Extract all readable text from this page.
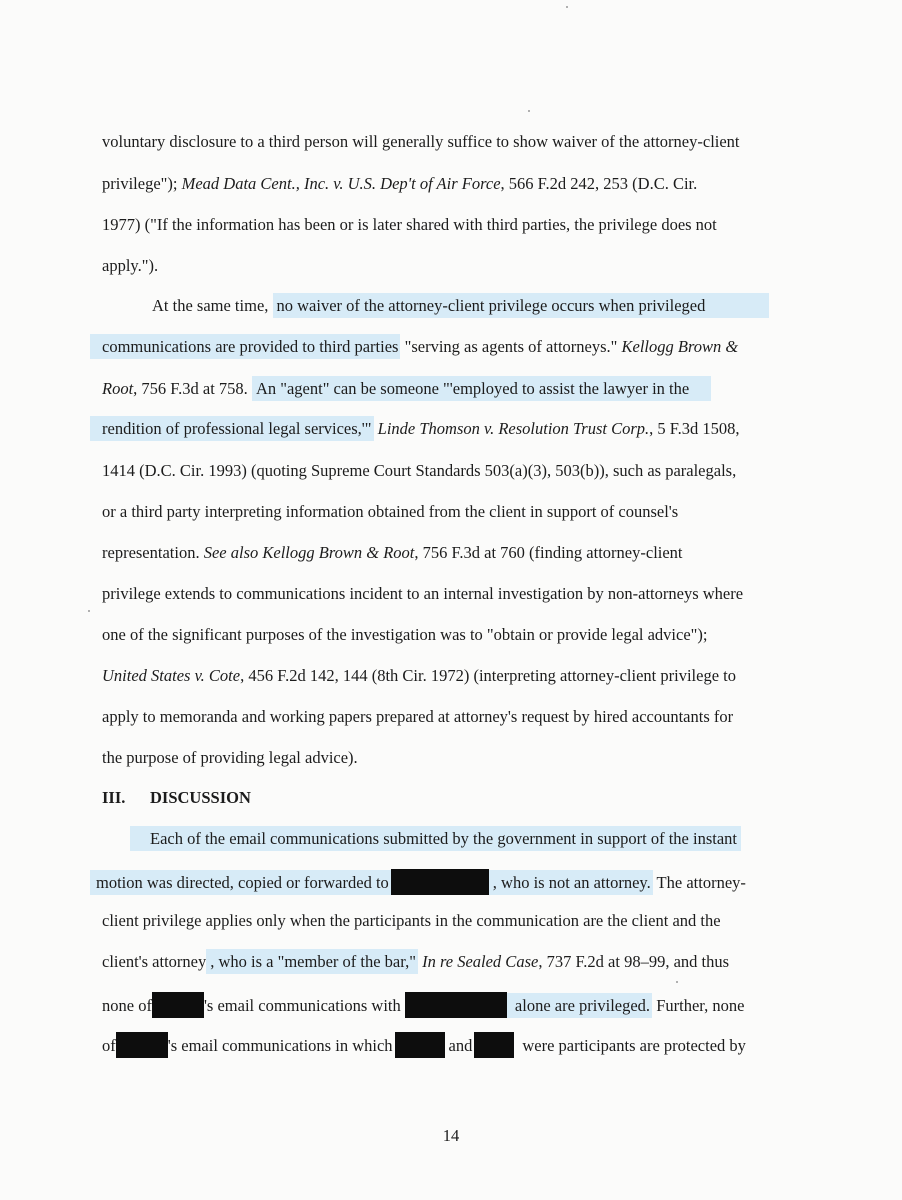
voluntary disclosure to a third person will generally suffice to show waiver of the attorney-client
privilege"); Mead Data Cent., Inc. v. U.S. Dep't of Air Force, 566 F.2d 242, 253 (D.C. Cir.
1977) ("If the information has been or is later shared with third parties, the privilege does not
apply.").
At the same time, no waiver of the attorney-client privilege occurs when privileged
communications are provided to third parties "serving as agents of attorneys." Kellogg Brown &
Root, 756 F.3d at 758. An "agent" can be someone "'employed to assist the lawyer in the
rendition of professional legal services,'" Linde Thomson v. Resolution Trust Corp., 5 F.3d 1508,
1414 (D.C. Cir. 1993) (quoting Supreme Court Standards 503(a)(3), 503(b)), such as paralegals,
or a third party interpreting information obtained from the client in support of counsel's
representation. See also Kellogg Brown & Root, 756 F.3d at 760 (finding attorney-client
privilege extends to communications incident to an internal investigation by non-attorneys where
one of the significant purposes of the investigation was to "obtain or provide legal advice");
United States v. Cote, 456 F.2d 142, 144 (8th Cir. 1972) (interpreting attorney-client privilege to
apply to memoranda and working papers prepared at attorney's request by hired accountants for
the purpose of providing legal advice).
III. DISCUSSION
Each of the email communications submitted by the government in support of the instant
motion was directed, copied or forwarded to	, who is not an attorney. The attorney-
client privilege applies only when the participants in the communication are the client and the
client's attorney , who is a "member of the bar," In re Sealed Case, 737 F.2d at 98–99, and thus
none of	's email communications with	alone are privileged. Further, none
of	's email communications in which	and	were participants are protected by
14
